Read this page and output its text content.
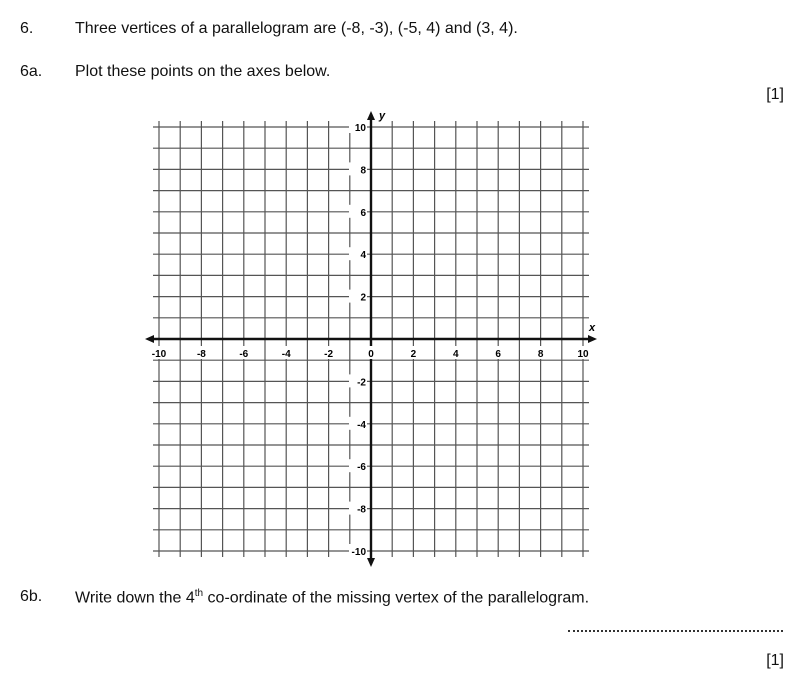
6.	Three vertices of a parallelogram are (-8, -3), (-5, 4) and (3, 4).
6a. Plot these points on the axes below.
[1]
x
y
-10	-8	-6	-4	-2	0	2	4	6	8	10
10
8
6
4
2
-2
-4
-6
-8
-10
6b. Write down the 4th co-ordinate of the missing vertex of the parallelogram.
[1]
